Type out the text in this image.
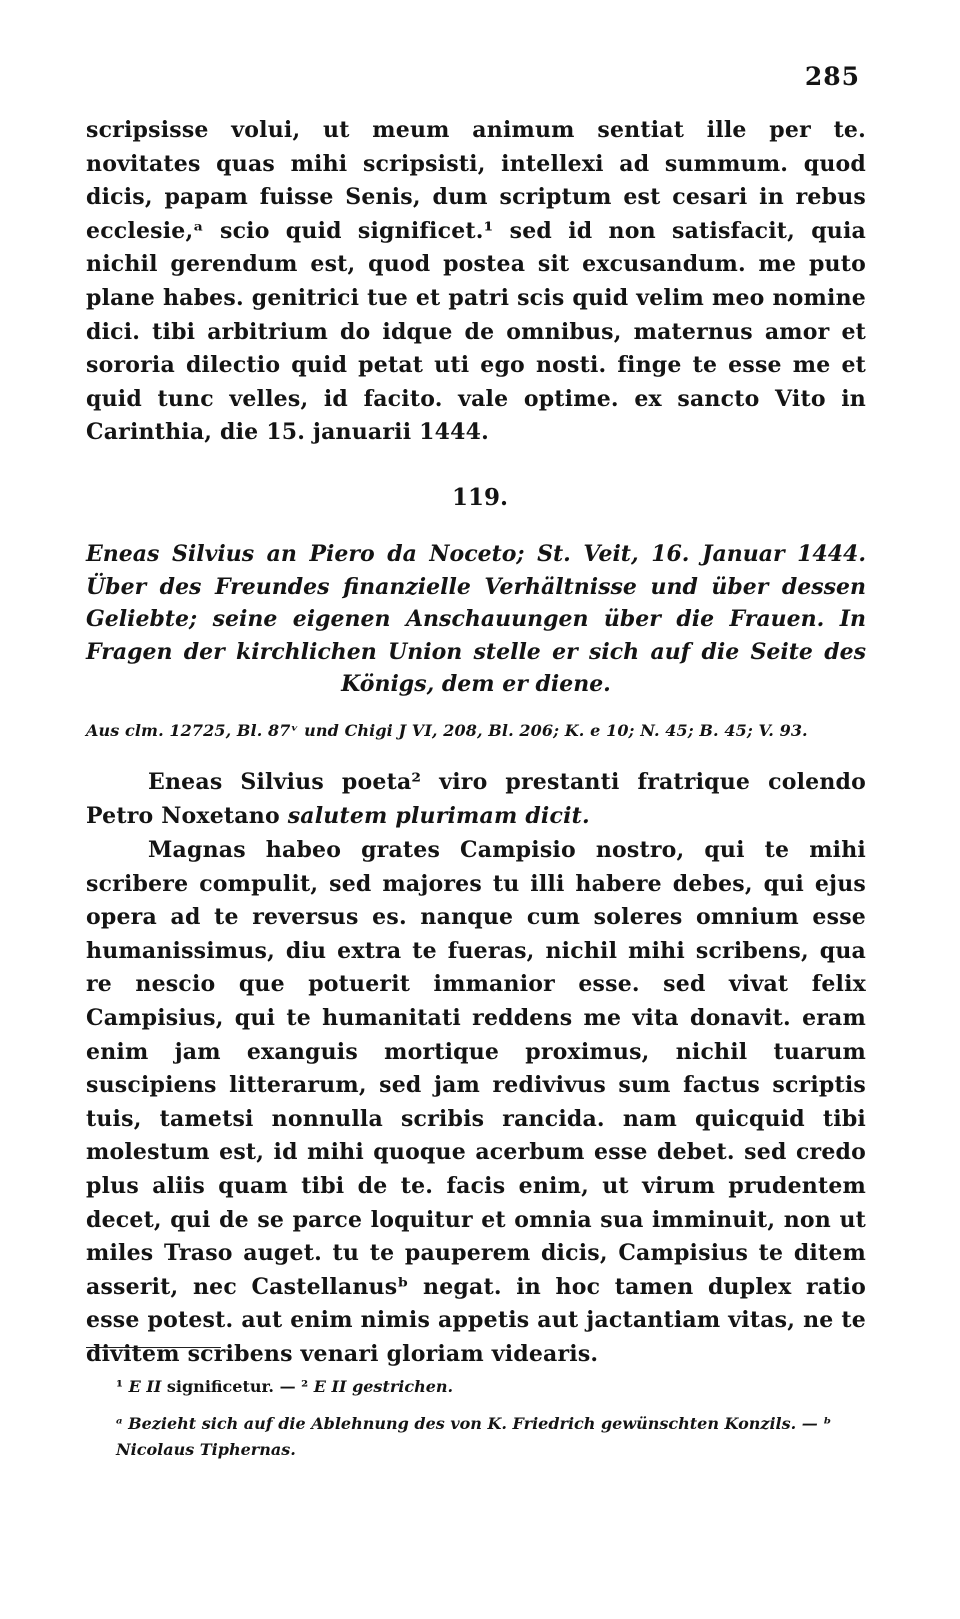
285
scripsisse volui, ut meum animum sentiat ille per te. novitates quas mihi scripsisti, intellexi ad summum. quod dicis, papam fuisse Senis, dum scriptum est cesari in rebus ecclesie,ᵃ scio quid significet.¹ sed id non satisfacit, quia nichil gerendum est, quod postea sit excusandum. me puto plane habes. genitrici tue et patri scis quid velim meo nomine dici. tibi arbitrium do idque de omnibus, maternus amor et sororia dilectio quid petat uti ego nosti. finge te esse me et quid tunc velles, id facito. vale optime. ex sancto Vito in Carinthia, die 15. januarii 1444.
119.
Eneas Silvius an Piero da Noceto; St. Veit, 16. Januar 1444. Über des Freundes finanzielle Verhältnisse und über dessen Geliebte; seine eigenen Anschauungen über die Frauen. In Fragen der kirchlichen Union stelle er sich auf die Seite des Königs, dem er diene.
Aus clm. 12725, Bl. 87ᵛ und Chigi J VI, 208, Bl. 206; K. e 10; N. 45; B. 45; V. 93.
Eneas Silvius poeta² viro prestanti fratrique colendo Petro Noxetano salutem plurimam dicit.
Magnas habeo grates Campisio nostro, qui te mihi scribere compulit, sed majores tu illi habere debes, qui ejus opera ad te reversus es. nanque cum soleres omnium esse humanissimus, diu extra te fueras, nichil mihi scribens, qua re nescio que potuerit immanior esse. sed vivat felix Campisius, qui te humanitati reddens me vita donavit. eram enim jam exanguis mortique proximus, nichil tuarum suscipiens litterarum, sed jam redivivus sum factus scriptis tuis, tametsi nonnulla scribis rancida. nam quicquid tibi molestum est, id mihi quoque acerbum esse debet. sed credo plus aliis quam tibi de te. facis enim, ut virum prudentem decet, qui de se parce loquitur et omnia sua imminuit, non ut miles Traso auget. tu te pauperem dicis, Campisius te ditem asserit, nec Castellanusᵇ negat. in hoc tamen duplex ratio esse potest. aut enim nimis appetis aut jactantiam vitas, ne te divitem scribens venari gloriam videaris.
¹ E II significetur. — ² E II gestrichen.
ᵃ Bezieht sich auf die Ablehnung des von K. Friedrich gewünschten Konzils. — ᵇ Nicolaus Tiphernas.
